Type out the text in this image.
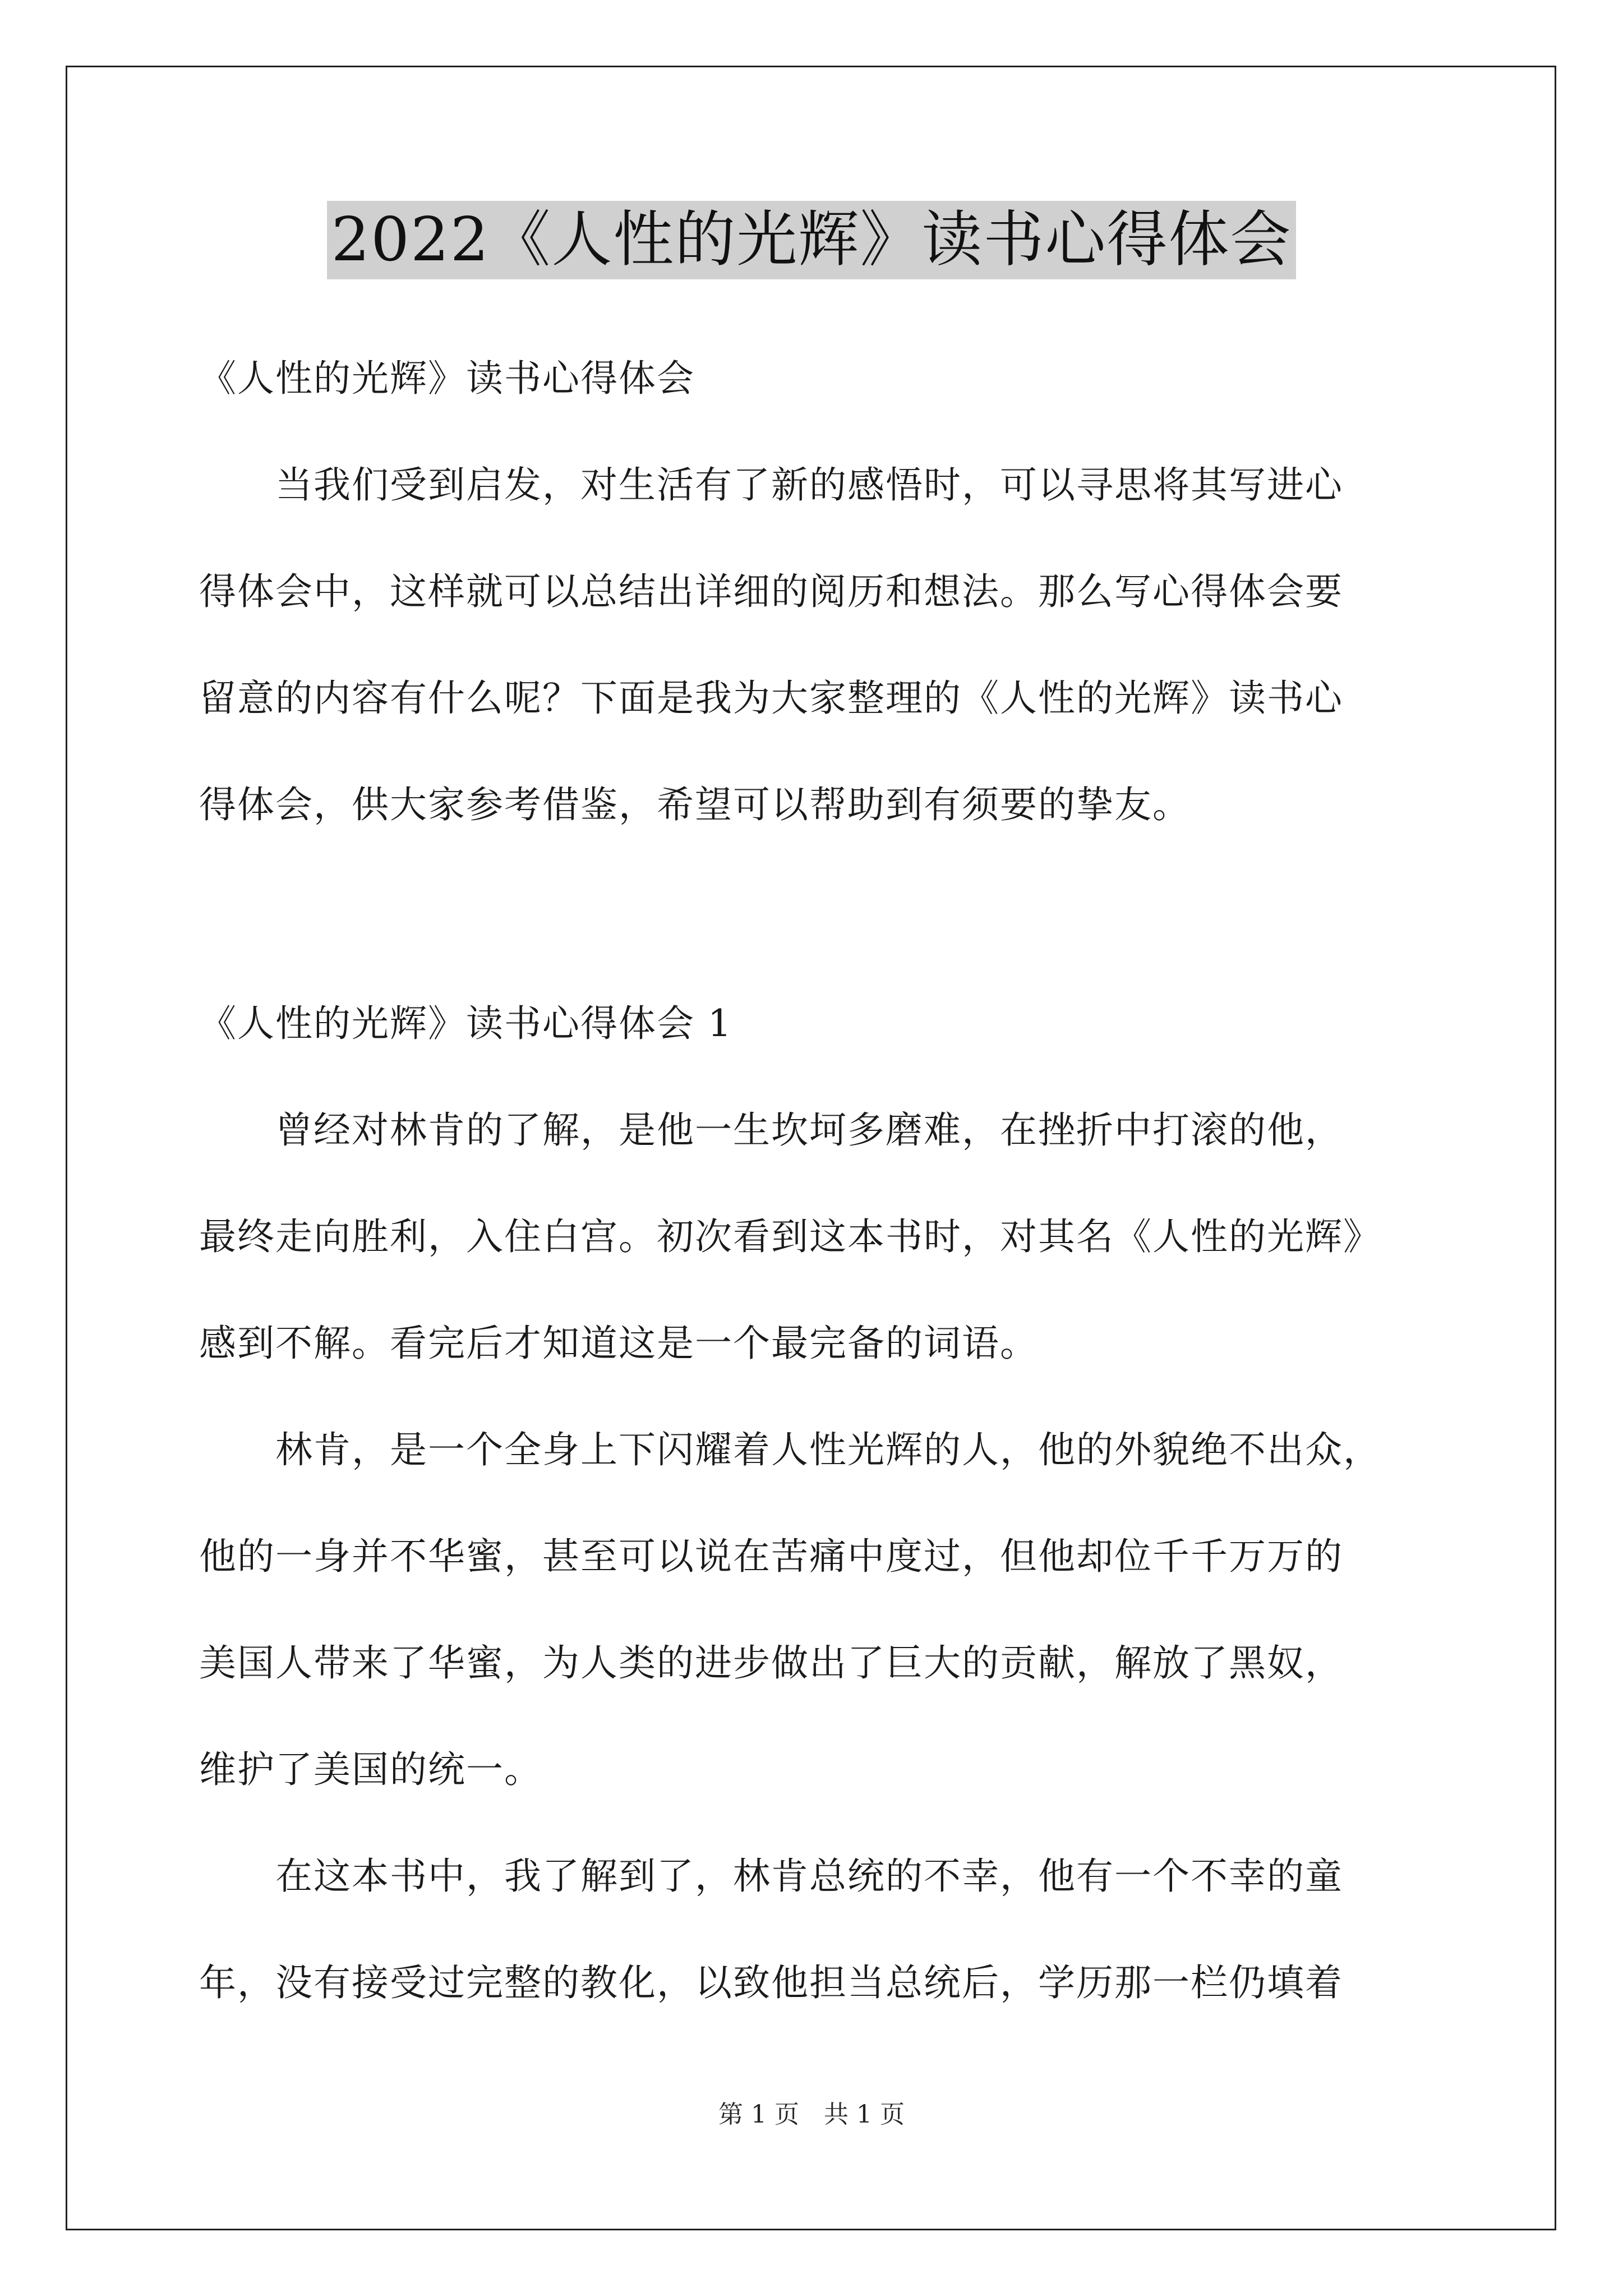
2022《人性的光辉》读书心得体会
《人性的光辉》读书心得体会
　　当我们受到启发，对生活有了新的感悟时，可以寻思将其写进心
得体会中，这样就可以总结出详细的阅历和想法。那么写心得体会要
留意的内容有什么呢？下面是我为大家整理的《人性的光辉》读书心
得体会，供大家参考借鉴，希望可以帮助到有须要的挚友。
《人性的光辉》读书心得体会 1
　　曾经对林肯的了解，是他一生坎坷多磨难，在挫折中打滚的他，
最终走向胜利，入住白宫。初次看到这本书时，对其名《人性的光辉》
感到不解。看完后才知道这是一个最完备的词语。
　　林肯，是一个全身上下闪耀着人性光辉的人，他的外貌绝不出众，
他的一身并不华蜜，甚至可以说在苦痛中度过，但他却位千千万万的
美国人带来了华蜜，为人类的进步做出了巨大的贡献，解放了黑奴，
维护了美国的统一。
　　在这本书中，我了解到了，林肯总统的不幸，他有一个不幸的童
年，没有接受过完整的教化，以致他担当总统后，学历那一栏仍填着
第 1 页　共 1 页
